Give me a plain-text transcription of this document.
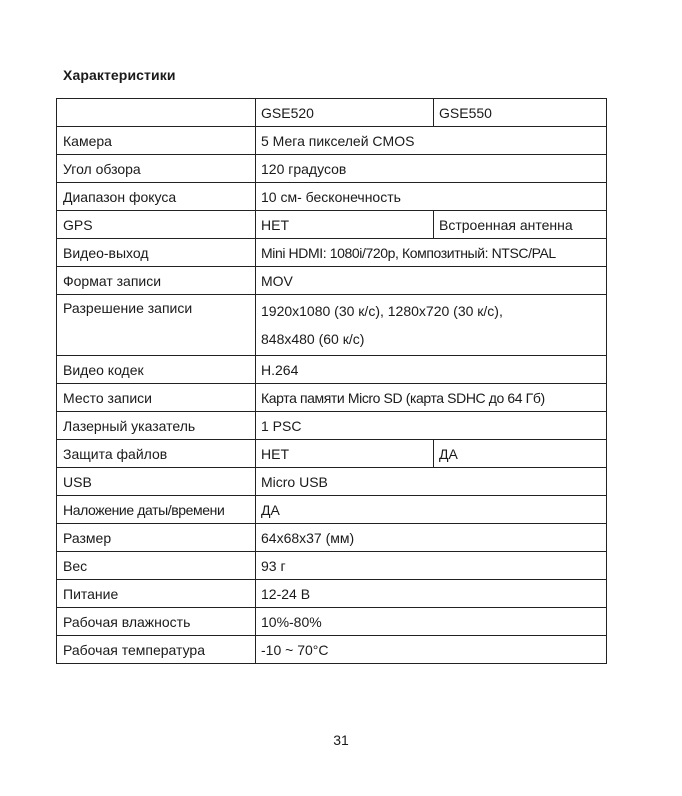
Характеристики
	GSE520	GSE550
Камера	5 Мега пикселей CMOS	
Угол обзора	120 градусов	
Диапазон фокуса	10 см- бесконечность	
GPS	НЕТ	Встроенная антенна
Видео-выход	Mini HDMI: 1080i/720p, Композитный: NTSC/PAL	
Формат записи	MOV	
Разрешение записи	1920x1080 (30 к/с), 1280x720 (30 к/с),
848x480 (60 к/с)	

Видео кодек	H.264	
Место записи	Карта памяти Micro SD (карта SDHC до 64 Гб)	
Лазерный указатель	1 PSC	
Защита файлов	НЕТ	ДА
USB	Micro USB	
Наложение даты/времени	ДА	
Размер	64x68x37 (мм)	
Вес	93 г	
Питание	12-24 В	
Рабочая влажность	10%-80%	
Рабочая температура	-10 ~ 70°C	
31
